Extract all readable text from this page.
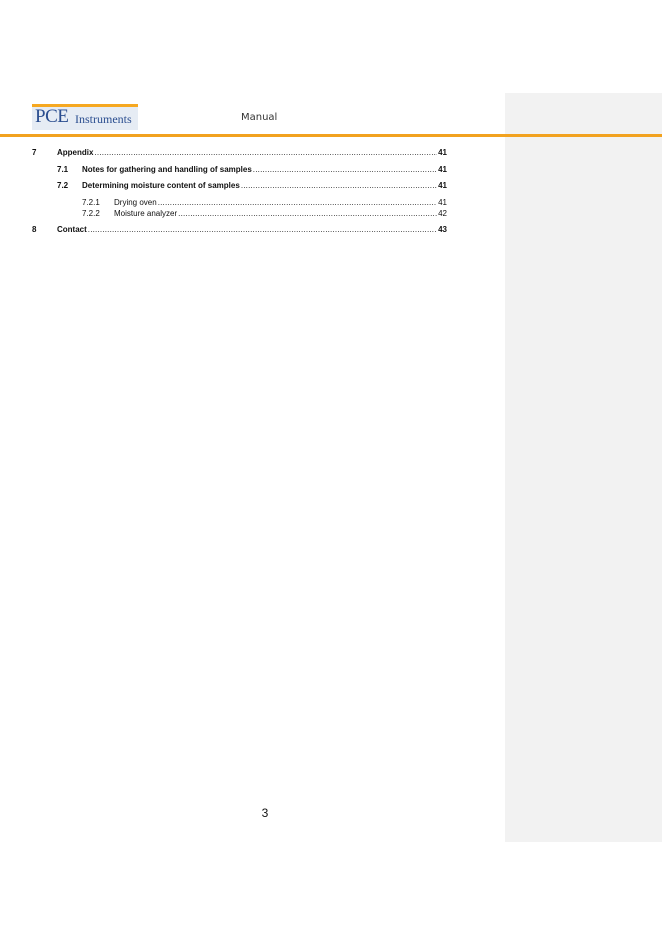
PCE Instruments	Manual
7	Appendix .....	41
7.1	Notes for gathering and handling of samples .....	41
7.2	Determining moisture content of samples .....	41
7.2.1	Drying oven .....	41
7.2.2	Moisture analyzer .....	42
8	Contact .....	43
3
